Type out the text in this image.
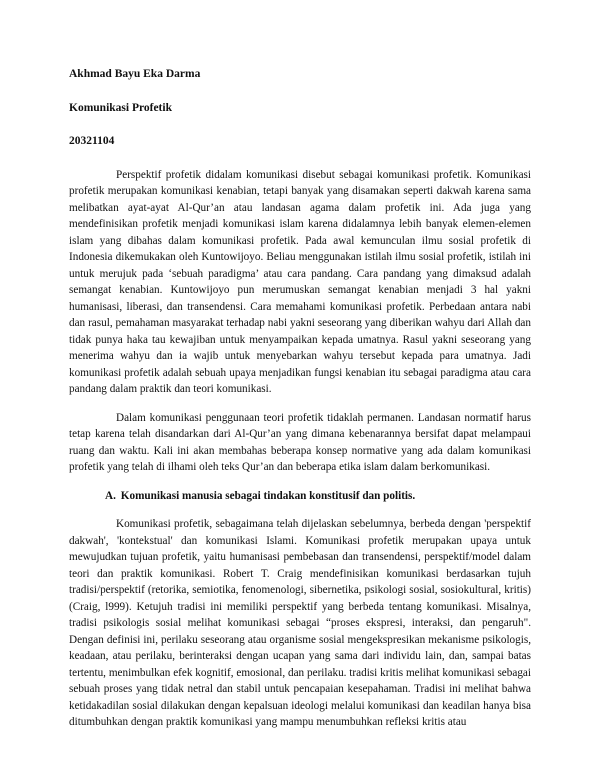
Akhmad Bayu Eka Darma

Komunikasi Profetik

20321104

Perspektif profetik didalam komunikasi disebut sebagai komunikasi profetik. Komunikasi profetik merupakan komunikasi kenabian, tetapi banyak yang disamakan seperti dakwah karena sama melibatkan ayat-ayat Al-Qur’an atau landasan agama dalam profetik ini. Ada juga yang mendefinisikan profetik menjadi komunikasi islam karena didalamnya lebih banyak elemen-elemen islam yang dibahas dalam komunikasi profetik. Pada awal kemunculan ilmu sosial profetik di Indonesia dikemukakan oleh Kuntowijoyo. Beliau menggunakan istilah ilmu sosial profetik, istilah ini untuk merujuk pada ‘sebuah paradigma’ atau cara pandang. Cara pandang yang dimaksud adalah semangat kenabian. Kuntowijoyo pun merumuskan semangat kenabian menjadi 3 hal yakni humanisasi, liberasi, dan transendensi. Cara memahami komunikasi profetik. Perbedaan antara nabi dan rasul, pemahaman masyarakat terhadap nabi yakni seseorang yang diberikan wahyu dari Allah dan tidak punya haka tau kewajiban untuk menyampaikan kepada umatnya. Rasul yakni seseorang yang menerima wahyu dan ia wajib untuk menyebarkan wahyu tersebut kepada para umatnya. Jadi komunikasi profetik adalah sebuah upaya menjadikan fungsi kenabian itu sebagai paradigma atau cara pandang dalam praktik dan teori komunikasi.

Dalam komunikasi penggunaan teori profetik tidaklah permanen. Landasan normatif harus tetap karena telah disandarkan dari Al-Qur’an yang dimana kebenarannya bersifat dapat melampaui ruang dan waktu. Kali ini akan membahas beberapa konsep normative yang ada dalam komunikasi profetik yang telah di ilhami oleh teks Qur’an dan beberapa etika islam dalam berkomunikasi.

A. Komunikasi manusia sebagai tindakan konstitusif dan politis.

Komunikasi profetik, sebagaimana telah dijelaskan sebelumnya, berbeda dengan 'perspektif dakwah', 'kontekstual' dan komunikasi Islami. Komunikasi profetik merupakan upaya untuk mewujudkan tujuan profetik, yaitu humanisasi pembebasan dan transendensi, perspektif/model dalam teori dan praktik komunikasi. Robert T. Craig mendefinisikan komunikasi berdasarkan tujuh tradisi/perspektif (retorika, semiotika, fenomenologi, sibernetika, psikologi sosial, sosiokultural, kritis) (Craig, l999). Ketujuh tradisi ini memiliki perspektif yang berbeda tentang komunikasi. Misalnya, tradisi psikologis sosial melihat komunikasi sebagai “proses ekspresi, interaksi, dan pengaruh". Dengan definisi ini, perilaku seseorang atau organisme sosial mengekspresikan mekanisme psikologis, keadaan, atau perilaku, berinteraksi dengan ucapan yang sama dari individu lain, dan, sampai batas tertentu, menimbulkan efek kognitif, emosional, dan perilaku. tradisi kritis melihat komunikasi sebagai sebuah proses yang tidak netral dan stabil untuk pencapaian kesepahaman. Tradisi ini melihat bahwa ketidakadilan sosial dilakukan dengan kepalsuan ideologi melalui komunikasi dan keadilan hanya bisa ditumbuhkan dengan praktik komunikasi yang mampu menumbuhkan refleksi kritis atau
